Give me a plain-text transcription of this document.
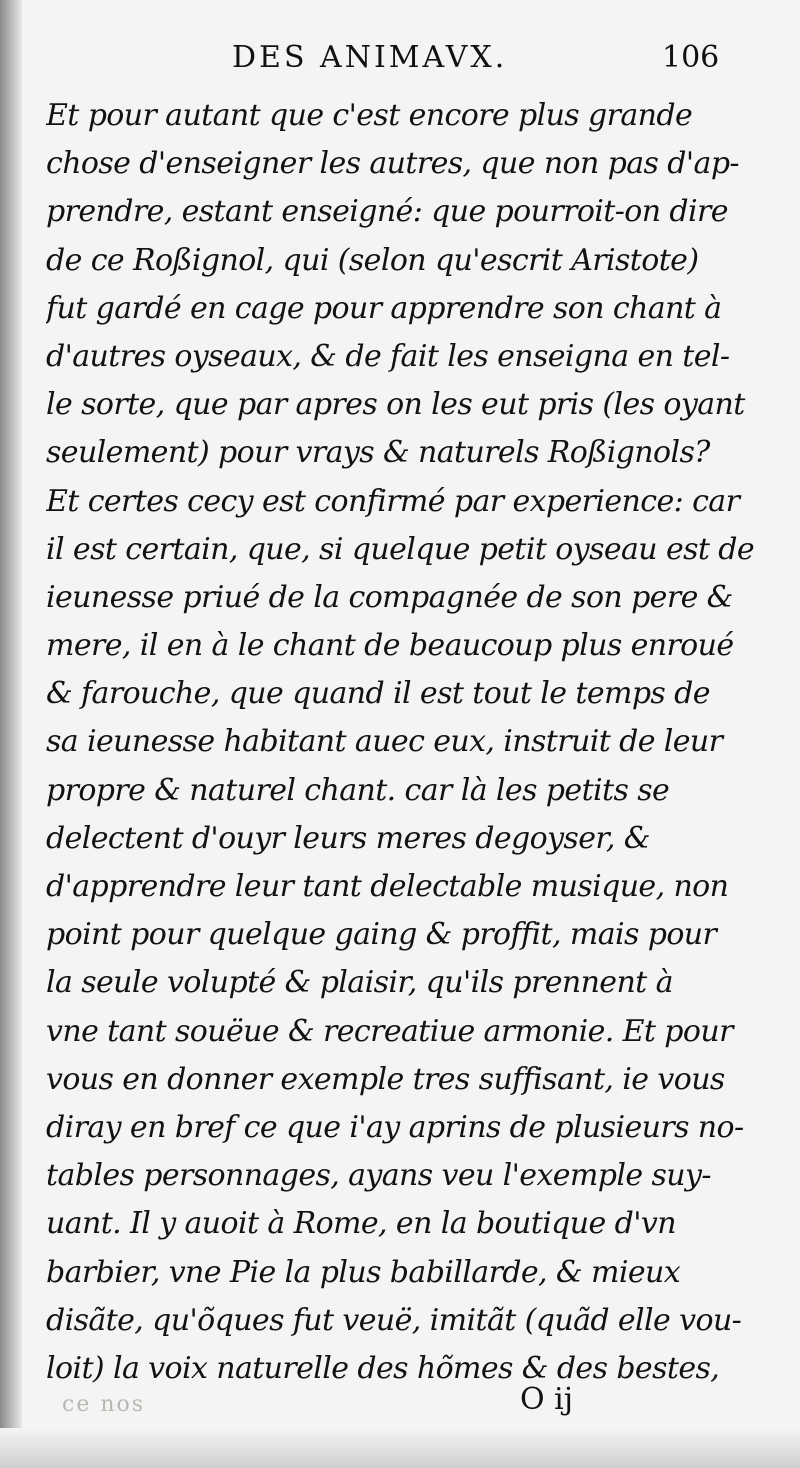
DES ANIMAVX.	106
Et pour autant que c'est encore plus grande
chose d'enseigner les autres, que non pas d'ap-
prendre, estant enseigné: que pourroit-on dire
de ce Roßignol, qui (selon qu'escrit Aristote)
fut gardé en cage pour apprendre son chant à
d'autres oyseaux, & de fait les enseigna en tel-
le sorte, que par apres on les eut pris (les oyant
seulement) pour vrays & naturels Roßignols?
Et certes cecy est confirmé par experience: car
il est certain, que, si quelque petit oyseau est de
ieunesse priué de la compagnée de son pere &
mere, il en à le chant de beaucoup plus enroué
& farouche, que quand il est tout le temps de
sa ieunesse habitant auec eux, instruit de leur
propre & naturel chant. car là les petits se
delectent d'ouyr leurs meres degoyser, &
d'apprendre leur tant delectable musique, non
point pour quelque gaing & proffit, mais pour
la seule volupté & plaisir, qu'ils prennent à
vne tant souëue & recreatiue armonie. Et pour
vous en donner exemple tres suffisant, ie vous
diray en bref ce que i'ay aprins de plusieurs no-
tables personnages, ayans veu l'exemple suy-
uant. Il y auoit à Rome, en la boutique d'vn
barbier, vne Pie la plus babillarde, & mieux
disãte, qu'õques fut veuë, imitãt (quãd elle vou-
loit) la voix naturelle des hõmes & des bestes,
ce nos	O ij
